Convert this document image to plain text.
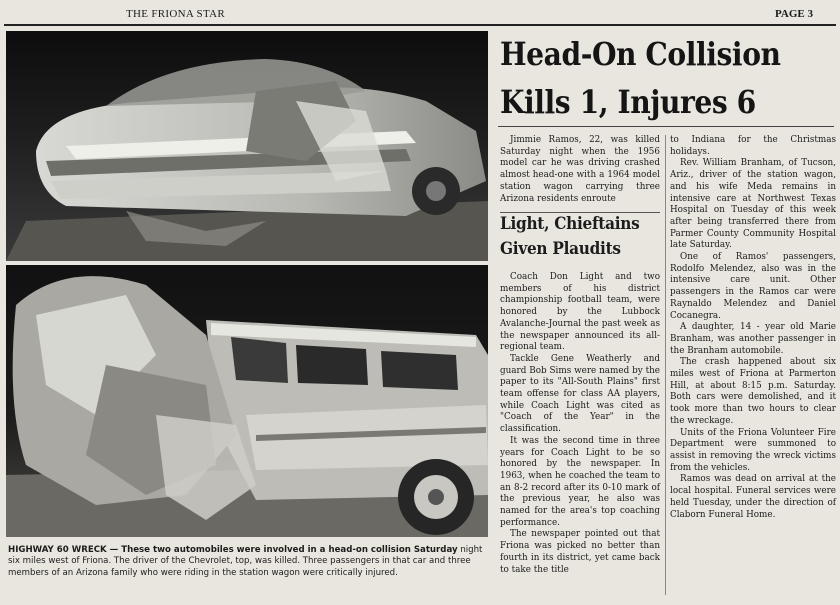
THE FRIONA STAR	PAGE 3
HIGHWAY 60 WRECK — These two automobiles were involved in a head-on collision Saturday night six miles west of Friona. The driver of the Chevrolet, top, was killed. Three passengers in that car and three members of an Arizona family who were riding in the station wagon were critically injured.
Head-On Collision
Kills 1, Injures 6

Jimmie Ramos, 22, was killed Saturday night when the 1956 model car he was driving crashed almost head-one with a 1964 model station wagon carrying three Arizona residents enroute

Light, Chieftains
Given Plaudits

Coach Don Light and two members of his district championship football team, were honored by the Lubbock Avalanche-Journal the past week as the newspaper announced its all-regional team.

Tackle Gene Weatherly and guard Bob Sims were named by the paper to its "All-South Plains" first team offense for class AA players, while Coach Light was cited as "Coach of the Year" in the classification.

It was the second time in three years for Coach Light to be so honored by the newspaper. In 1963, when he coached the team to an 8-2 record after its 0-10 mark of the previous year, he also was named for the area's top coaching performance.

The newspaper pointed out that Friona was picked no better than fourth in its district, yet came back to take the title

to Indiana for the Christmas holidays.

Rev. William Branham, of Tucson, Ariz., driver of the station wagon, and his wife Meda remains in intensive care at Northwest Texas Hospital on Tuesday of this week after being transferred there from Parmer County Community Hospital late Saturday.

One of Ramos' passengers, Rodolfo Melendez, also was in the intensive care unit. Other passengers in the Ramos car were Raynaldo Melendez and Daniel Cocanegra.

A daughter, 14 - year old Marie Branham, was another passenger in the Branham automobile.

The crash happened about six miles west of Friona at Parmerton Hill, at about 8:15 p.m. Saturday. Both cars were demolished, and it took more than two hours to clear the wreckage.

Units of the Friona Volunteer Fire Department were summoned to assist in removing the wreck victims from the vehicles.

Ramos was dead on arrival at the local hospital. Funeral services were held Tuesday, under the direction of Claborn Funeral Home.
